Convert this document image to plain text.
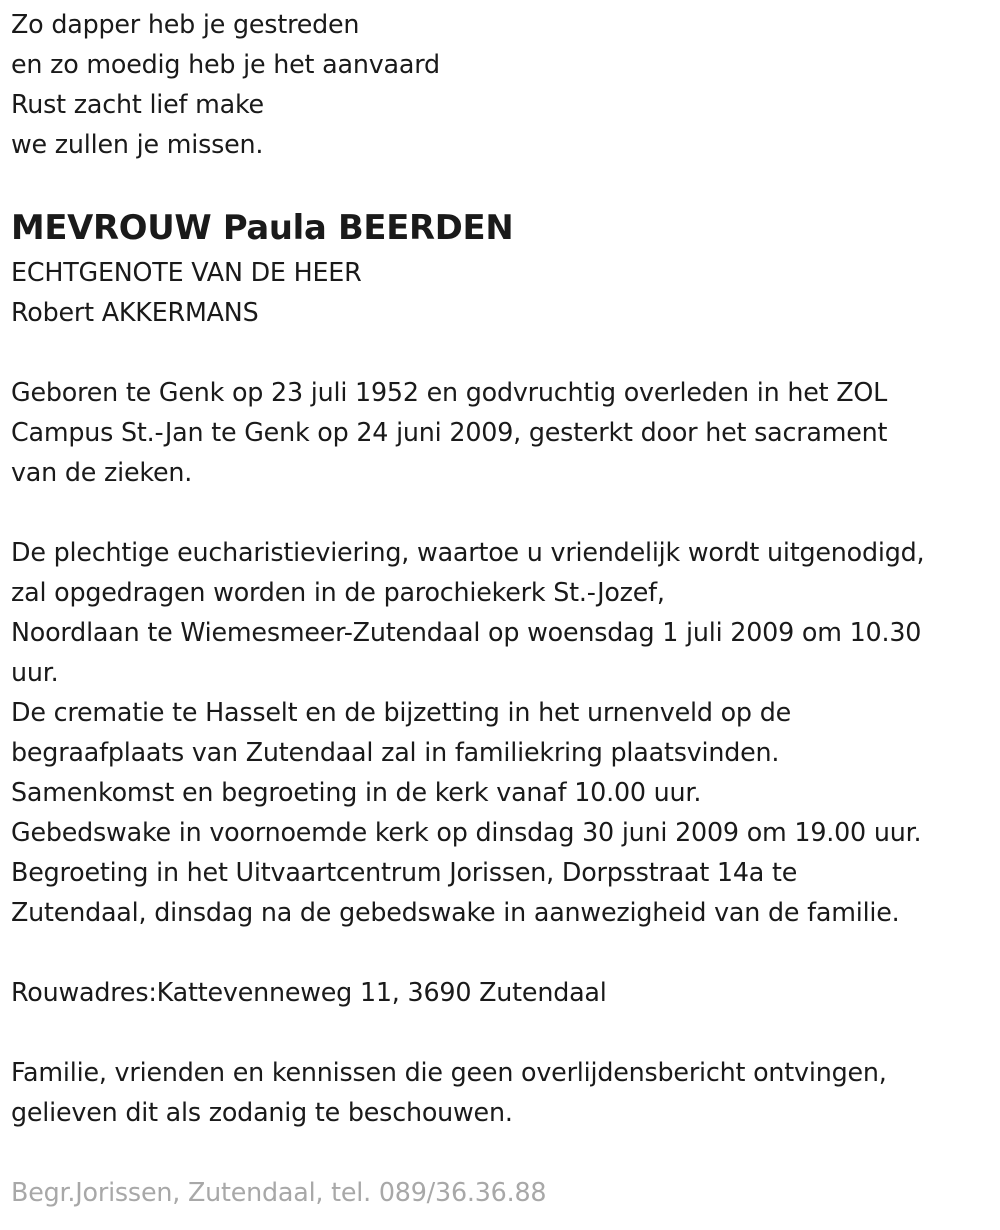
Zo dapper heb je gestreden
en zo moedig heb je het aanvaard
Rust zacht lief make
we zullen je missen.
MEVROUW Paula BEERDEN
ECHTGENOTE VAN DE HEER
Robert AKKERMANS
Geboren te Genk op 23 juli 1952 en godvruchtig overleden in het ZOL
Campus St.-Jan te Genk op 24 juni 2009, gesterkt door het sacrament
van de zieken.
De plechtige eucharistieviering, waartoe u vriendelijk wordt uitgenodigd,
zal opgedragen worden in de parochiekerk St.-Jozef,
Noordlaan te Wiemesmeer-Zutendaal op woensdag 1 juli 2009 om 10.30
uur.
De crematie te Hasselt en de bijzetting in het urnenveld op de
begraafplaats van Zutendaal zal in familiekring plaatsvinden.
Samenkomst en begroeting in de kerk vanaf 10.00 uur.
Gebedswake in voornoemde kerk op dinsdag 30 juni 2009 om 19.00 uur.
Begroeting in het Uitvaartcentrum Jorissen, Dorpsstraat 14a te
Zutendaal, dinsdag na de gebedswake in aanwezigheid van de familie.
Rouwadres:Kattevenneweg 11, 3690 Zutendaal
Familie, vrienden en kennissen die geen overlijdensbericht ontvingen,
gelieven dit als zodanig te beschouwen.
Begr.Jorissen, Zutendaal, tel. 089/36.36.88
